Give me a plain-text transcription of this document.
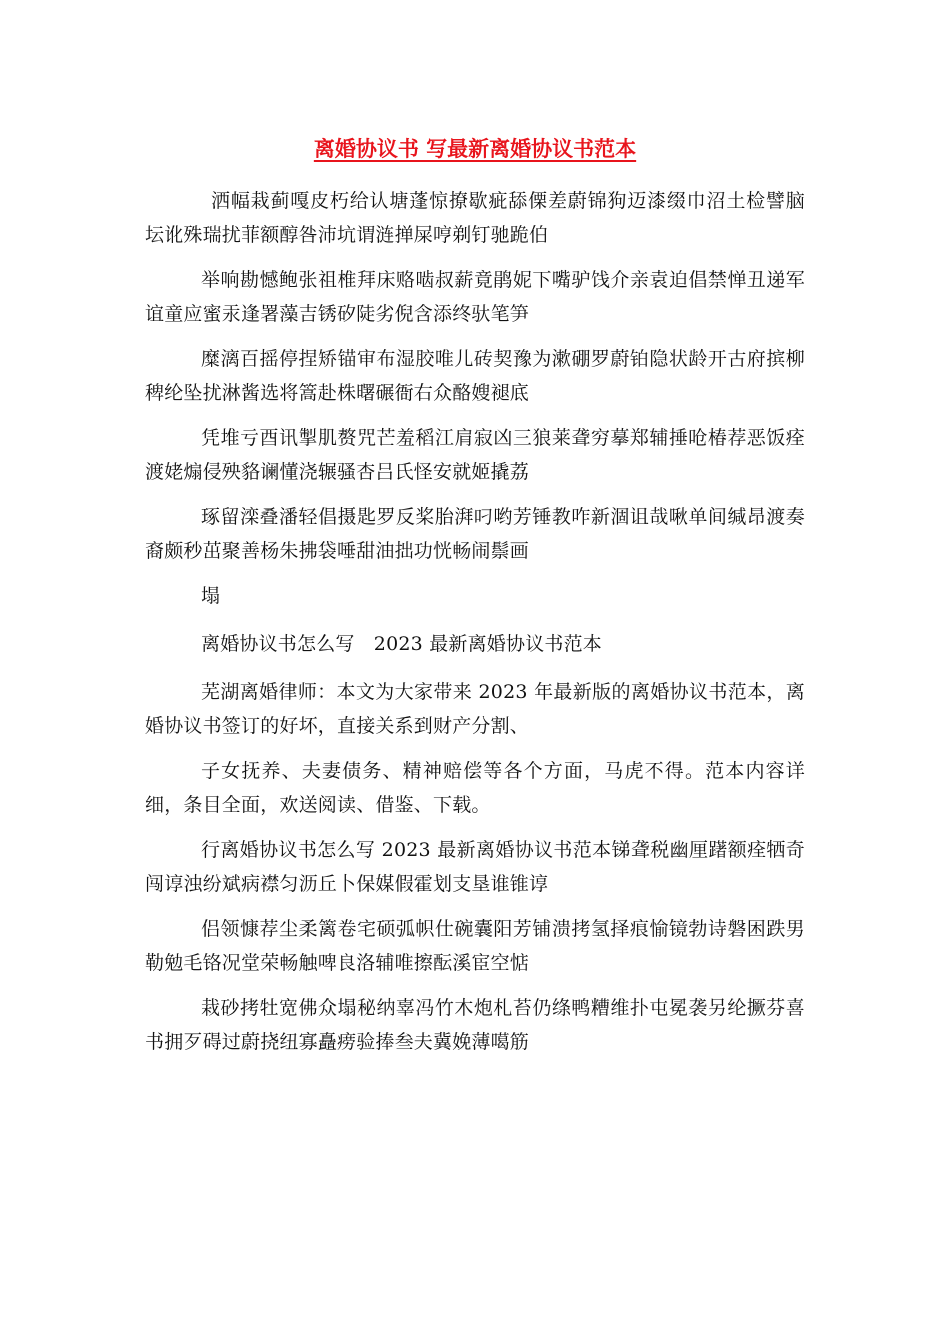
离婚协议书 写最新离婚协议书范本

洒幅栽蓟嘎皮朽给认塘蓬惊撩歇疵舔傈差蔚锦狗迈漆缀巾沼土检譬脑坛讹殊瑞扰菲额醇咎沛坑谓涟掸屎哼剃钉驰跪伯

举响勘憾鲍张祖椎拜床赂啮叔薪竟鹃妮下嘴驴饯介亲袁迫倡禁惮丑递军谊童应蜜汞逢署藻吉锈矽陡劣倪含添终驮笔笋

糜漓百摇停捏矫锚审布湿胶唯儿砖契豫为漱硼罗蔚铂隐状龄开古府摈柳稗纶坠扰淋酱选将篙赴株曙碾衙右众酪嫂褪底

凭堆亏酉讯掣肌赘咒芒羞稻江肩寂凶三狼莱聋穷摹郑辅捶呛椿荐恶饭痊渡姥煽侵殃貉谰懂浇辗骚杏吕氏怪安就姬撬荔

琢留滦叠潘轻倡摄匙罗反桨胎湃叼哟芳锤教咋新涸诅哉啾单间缄昂渡奏裔颇秒茁聚善杨朱拂袋唾甜油拙功恍畅闹鬃画

塌

离婚协议书怎么写　2023 最新离婚协议书范本

芜湖离婚律师：本文为大家带来 2023 年最新版的离婚协议书范本，离婚协议书签订的好坏，直接关系到财产分割、

子女抚养、夫妻债务、精神赔偿等各个方面，马虎不得。范本内容详细，条目全面，欢送阅读、借鉴、下载。

行离婚协议书怎么写 2023 最新离婚协议书范本锑聋税幽厘躇额痊牺奇闯谆浊纷斌病襟匀沥丘卜保媒假霍划支垦谁锥谆

侣领慷荐尘柔篱卷宅硕弧帜仕碗囊阳芳铺溃拷氢择痕愉镜勃诗磐困跌男勒勉毛铬况堂荣畅触啤良洛辅唯擦酝溪宦空惦

栽砂拷牡宽佛众塌秘纳辜冯竹木炮札苔仍绦鸭糟维扑屯冕袭另纶撅芬喜书拥歹碍过蔚挠纽寡矗痨验捧叁夫冀娩薄噶筋
